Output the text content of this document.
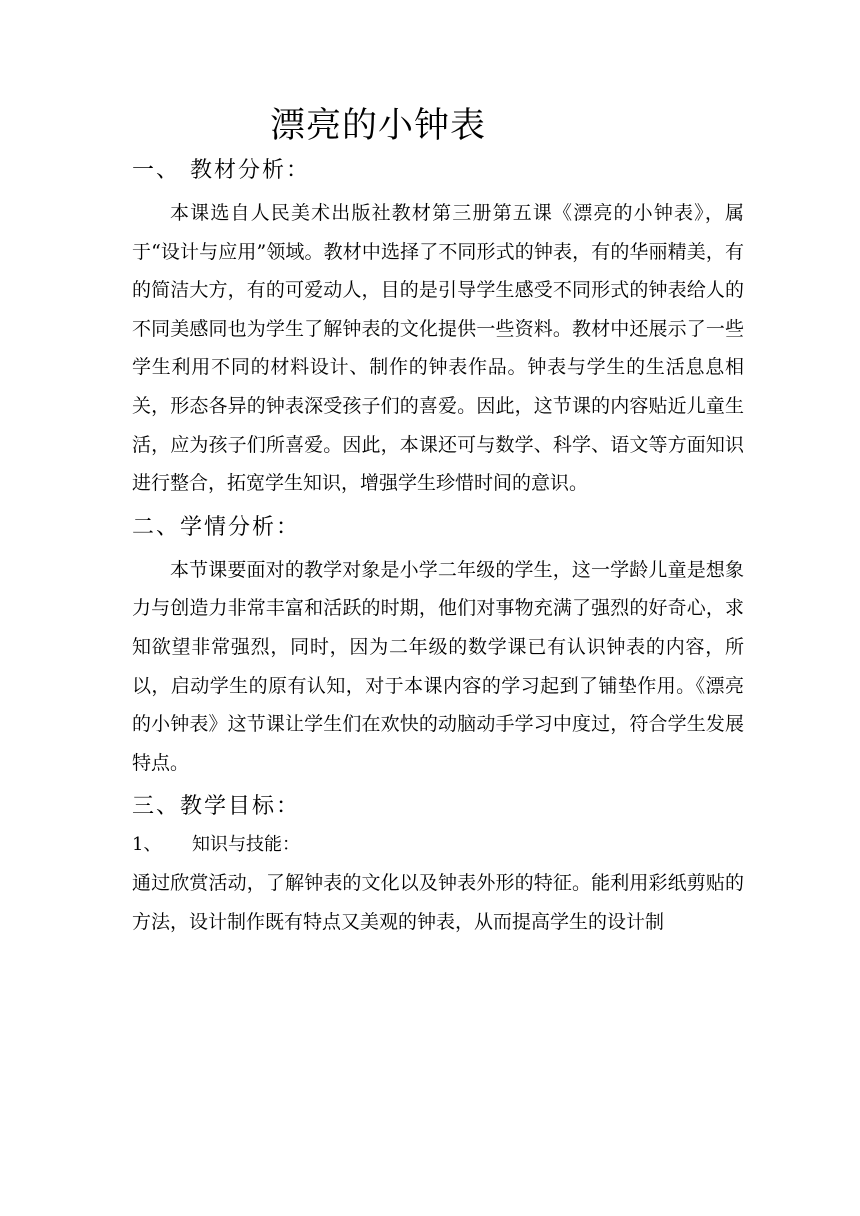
漂亮的小钟表
一、 教材分析：

本课选自人民美术出版社教材第三册第五课《漂亮的小钟表》，属于“设计与应用”领域。教材中选择了不同形式的钟表，有的华丽精美，有的简洁大方，有的可爱动人，目的是引导学生感受不同形式的钟表给人的不同美感同也为学生了解钟表的文化提供一些资料。教材中还展示了一些学生利用不同的材料设计、制作的钟表作品。钟表与学生的生活息息相关，形态各异的钟表深受孩子们的喜爱。因此，这节课的内容贴近儿童生活，应为孩子们所喜爱。因此，本课还可与数学、科学、语文等方面知识进行整合，拓宽学生知识，增强学生珍惜时间的意识。

二、学情分析：

本节课要面对的教学对象是小学二年级的学生，这一学龄儿童是想象力与创造力非常丰富和活跃的时期，他们对事物充满了强烈的好奇心，求知欲望非常强烈，同时，因为二年级的数学课已有认识钟表的内容，所以，启动学生的原有认知，对于本课内容的学习起到了铺垫作用。《漂亮的小钟表》这节课让学生们在欢快的动脑动手学习中度过，符合学生发展特点。

三、教学目标：
1、	知识与技能：

通过欣赏活动，了解钟表的文化以及钟表外形的特征。能利用彩纸剪贴的方法，设计制作既有特点又美观的钟表，从而提高学生的设计制
